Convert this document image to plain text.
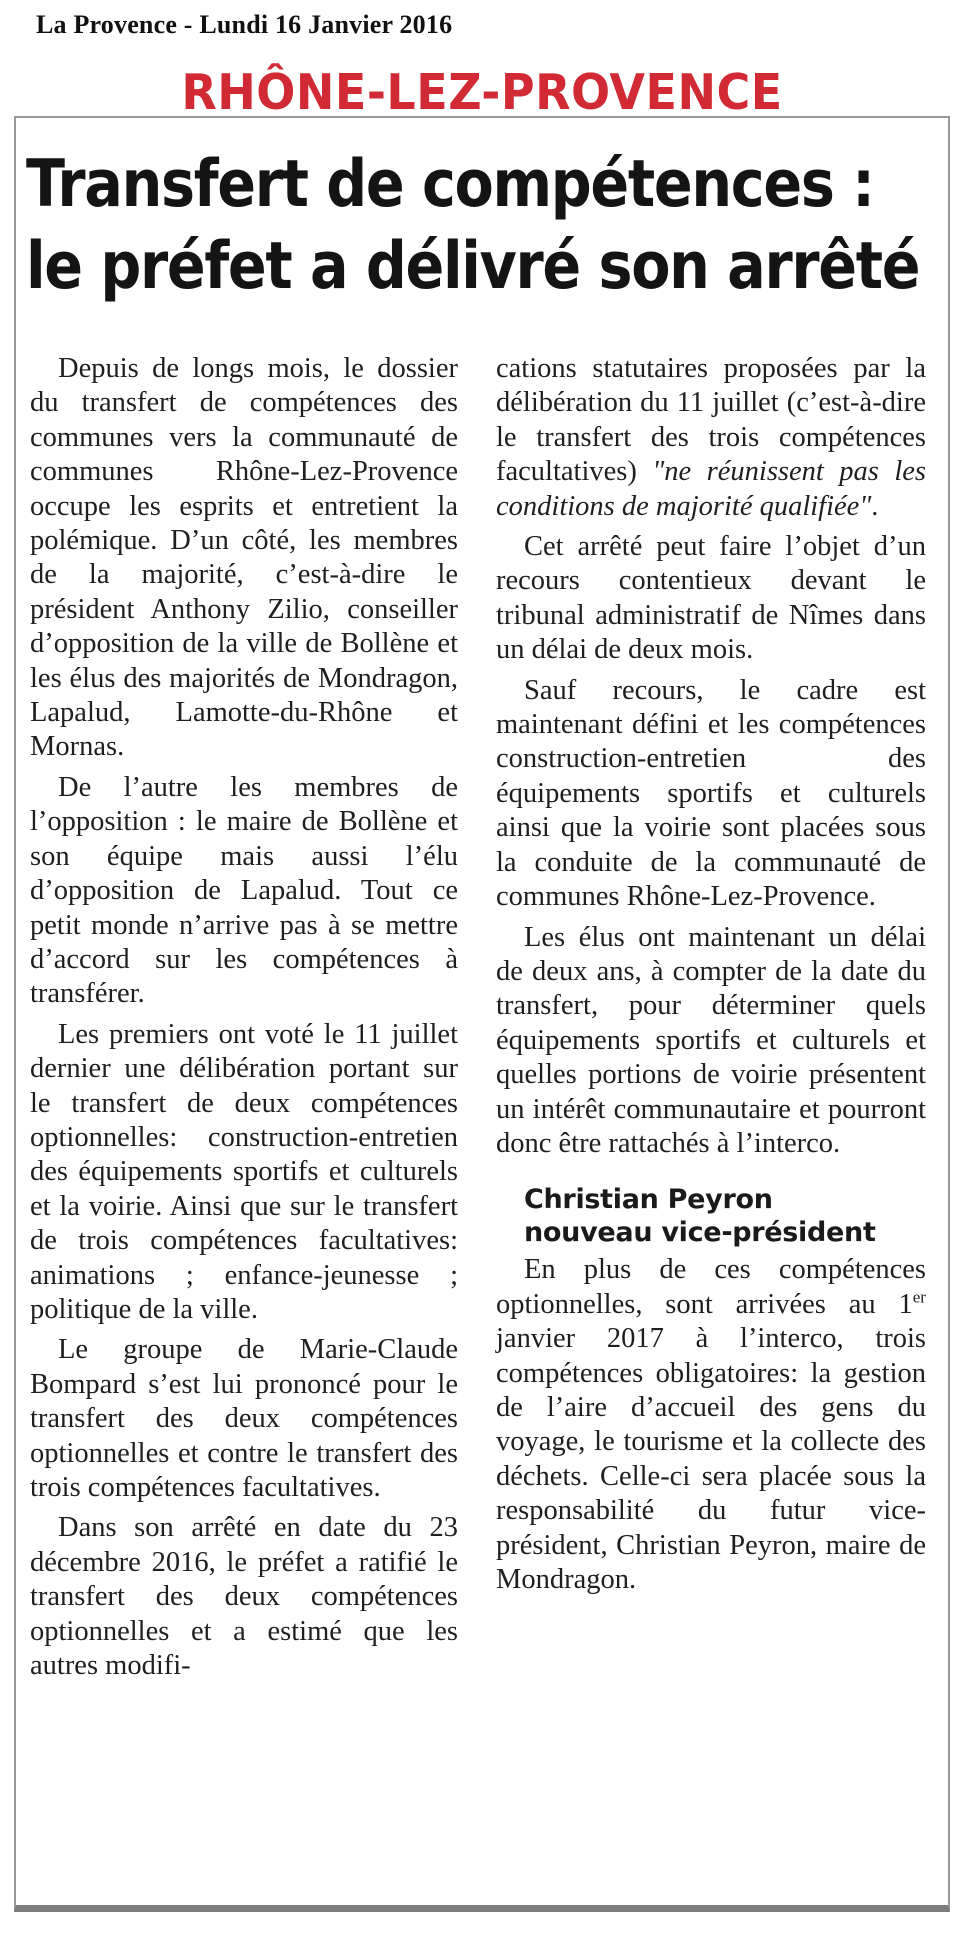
La Provence - Lundi 16 Janvier 2016
RHÔNE-LEZ-PROVENCE
Transfert de compétences :
le préfet a délivré son arrêté

Depuis de longs mois, le dossier du transfert de compétences des communes vers la communauté de communes Rhône-Lez-Provence occupe les esprits et entretient la polémique. D’un côté, les membres de la majorité, c’est-à-dire le président Anthony Zilio, conseiller d’opposition de la ville de Bollène et les élus des majorités de Mondragon, Lapalud, Lamotte-du-Rhône et Mornas.

De l’autre les membres de l’opposition : le maire de Bollène et son équipe mais aussi l’élu d’opposition de Lapalud. Tout ce petit monde n’arrive pas à se mettre d’accord sur les compétences à transférer.

Les premiers ont voté le 11 juillet dernier une délibération portant sur le transfert de deux compétences optionnelles: construction-entretien des équipements sportifs et culturels et la voirie. Ainsi que sur le transfert de trois compétences facultatives: animations ; enfance-jeunesse ; politique de la ville.

Le groupe de Marie-Claude Bompard s’est lui prononcé pour le transfert des deux compétences optionnelles et contre le transfert des trois compétences facultatives.

Dans son arrêté en date du 23 décembre 2016, le préfet a ratifié le transfert des deux compétences optionnelles et a estimé que les autres modifi-

cations statutaires proposées par la délibération du 11 juillet (c’est-à-dire le transfert des trois compétences facultatives) "ne réunissent pas les conditions de majorité qualifiée".

Cet arrêté peut faire l’objet d’un recours contentieux devant le tribunal administratif de Nîmes dans un délai de deux mois.

Sauf recours, le cadre est maintenant défini et les compétences construction-entretien des équipements sportifs et culturels ainsi que la voirie sont placées sous la conduite de la communauté de communes Rhône-Lez-Provence.

Les élus ont maintenant un délai de deux ans, à compter de la date du transfert, pour déterminer quels équipements sportifs et culturels et quelles portions de voirie présentent un intérêt communautaire et pourront donc être rattachés à l’interco.

Christian Peyron
nouveau vice-président

En plus de ces compétences optionnelles, sont arrivées au 1er janvier 2017 à l’interco, trois compétences obligatoires: la gestion de l’aire d’accueil des gens du voyage, le tourisme et la collecte des déchets. Celle-ci sera placée sous la responsabilité du futur vice-président, Christian Peyron, maire de Mondragon.
